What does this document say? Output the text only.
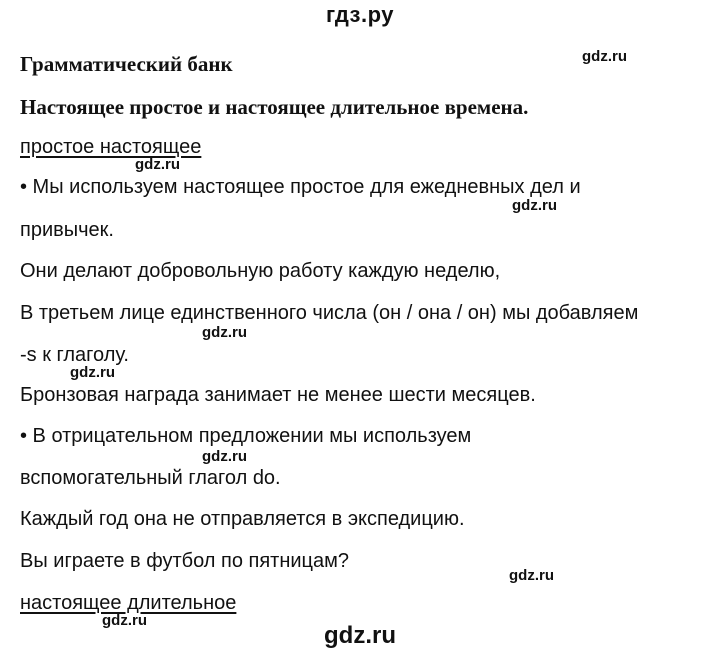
гдз.ру
Грамматический банк
Настоящее простое и настоящее длительное времена.
простое настоящее
• Мы используем настоящее простое для ежедневных дел и
привычек.
Они делают добровольную работу каждую неделю,
В третьем лице единственного числа (он / она / он) мы добавляем
-s к глаголу.
Бронзовая награда занимает не менее шести месяцев.
• В отрицательном предложении мы используем
вспомогательный глагол do.
Каждый год она не отправляется в экспедицию.
Вы играете в футбол по пятницам?
настоящее длительное
gdz.ru
gdz.ru
gdz.ru
gdz.ru
gdz.ru
gdz.ru
gdz.ru
gdz.ru
gdz.ru
